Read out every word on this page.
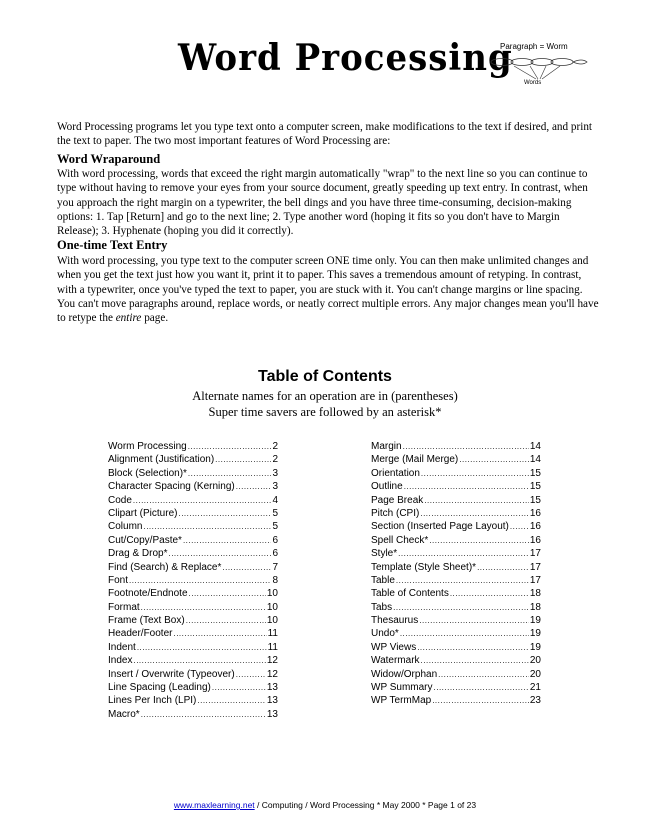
Word Processing
Paragraph = Worm
Words

Word Processing programs let you type text onto a computer screen, make modifications to the text if desired, and print the text to paper. The two most important features of Word Processing are:

Word Wraparound

With word processing, words that exceed the right margin automatically "wrap" to the next line so you can continue to type without having to remove your eyes from your source document, greatly speeding up text entry. In contrast, when you approach the right margin on a typewriter, the bell dings and you have three time-consuming, decision-making options: 1. Tap [Return] and go to the next line; 2. Type another word (hoping it fits so you don't have to Margin Release); 3. Hyphenate (hoping you did it correctly).

One-time Text Entry

With word processing, you type text to the computer screen ONE time only. You can then make unlimited changes and when you get the text just how you want it, print it to paper. This saves a tremendous amount of retyping. In contrast, with a typewriter, once you've typed the text to paper, you are stuck with it. You can't change margins or line spacing. You can't move paragraphs around, replace words, or neatly correct multiple errors. Any major changes mean you'll have to retype the entire page.

Table of Contents
Alternate names for an operation are in (parentheses)
Super time savers are followed by an asterisk*
Worm Processing .....	2
Alignment (Justification) .....	2
Block (Selection)* .....	3
Character Spacing (Kerning) .....	3
Code .....	4
Clipart (Picture) .....	5
Column .....	5
Cut/Copy/Paste* .....	6
Drag & Drop* .....	6
Find (Search) & Replace* .....	7
Font .....	8
Footnote/Endnote .....	10
Format .....	10
Frame (Text Box) .....	10
Header/Footer .....	11
Indent .....	11
Index .....	12
Insert / Overwrite (Typeover) .....	12
Line Spacing (Leading) .....	13
Lines Per Inch (LPI) .....	13
Macro* .....	13
Margin .....	14
Merge (Mail Merge) .....	14
Orientation .....	15
Outline .....	15
Page Break .....	15
Pitch (CPI) .....	16
Section (Inserted Page Layout) ..... 16
Spell Check* .....	16
Style* .....	17
Template (Style Sheet)* .....	17
Table .....	17
Table of Contents .....	18
Tabs .....	18
Thesaurus .....	19
Undo* .....	19
WP Views .....	19
Watermark .....	20
Widow/Orphan .....	20
WP Summary .....	21
WP TermMap .....	23
www.maxlearning.net / Computing / Word Processing * May 2000 * Page 1 of 23
